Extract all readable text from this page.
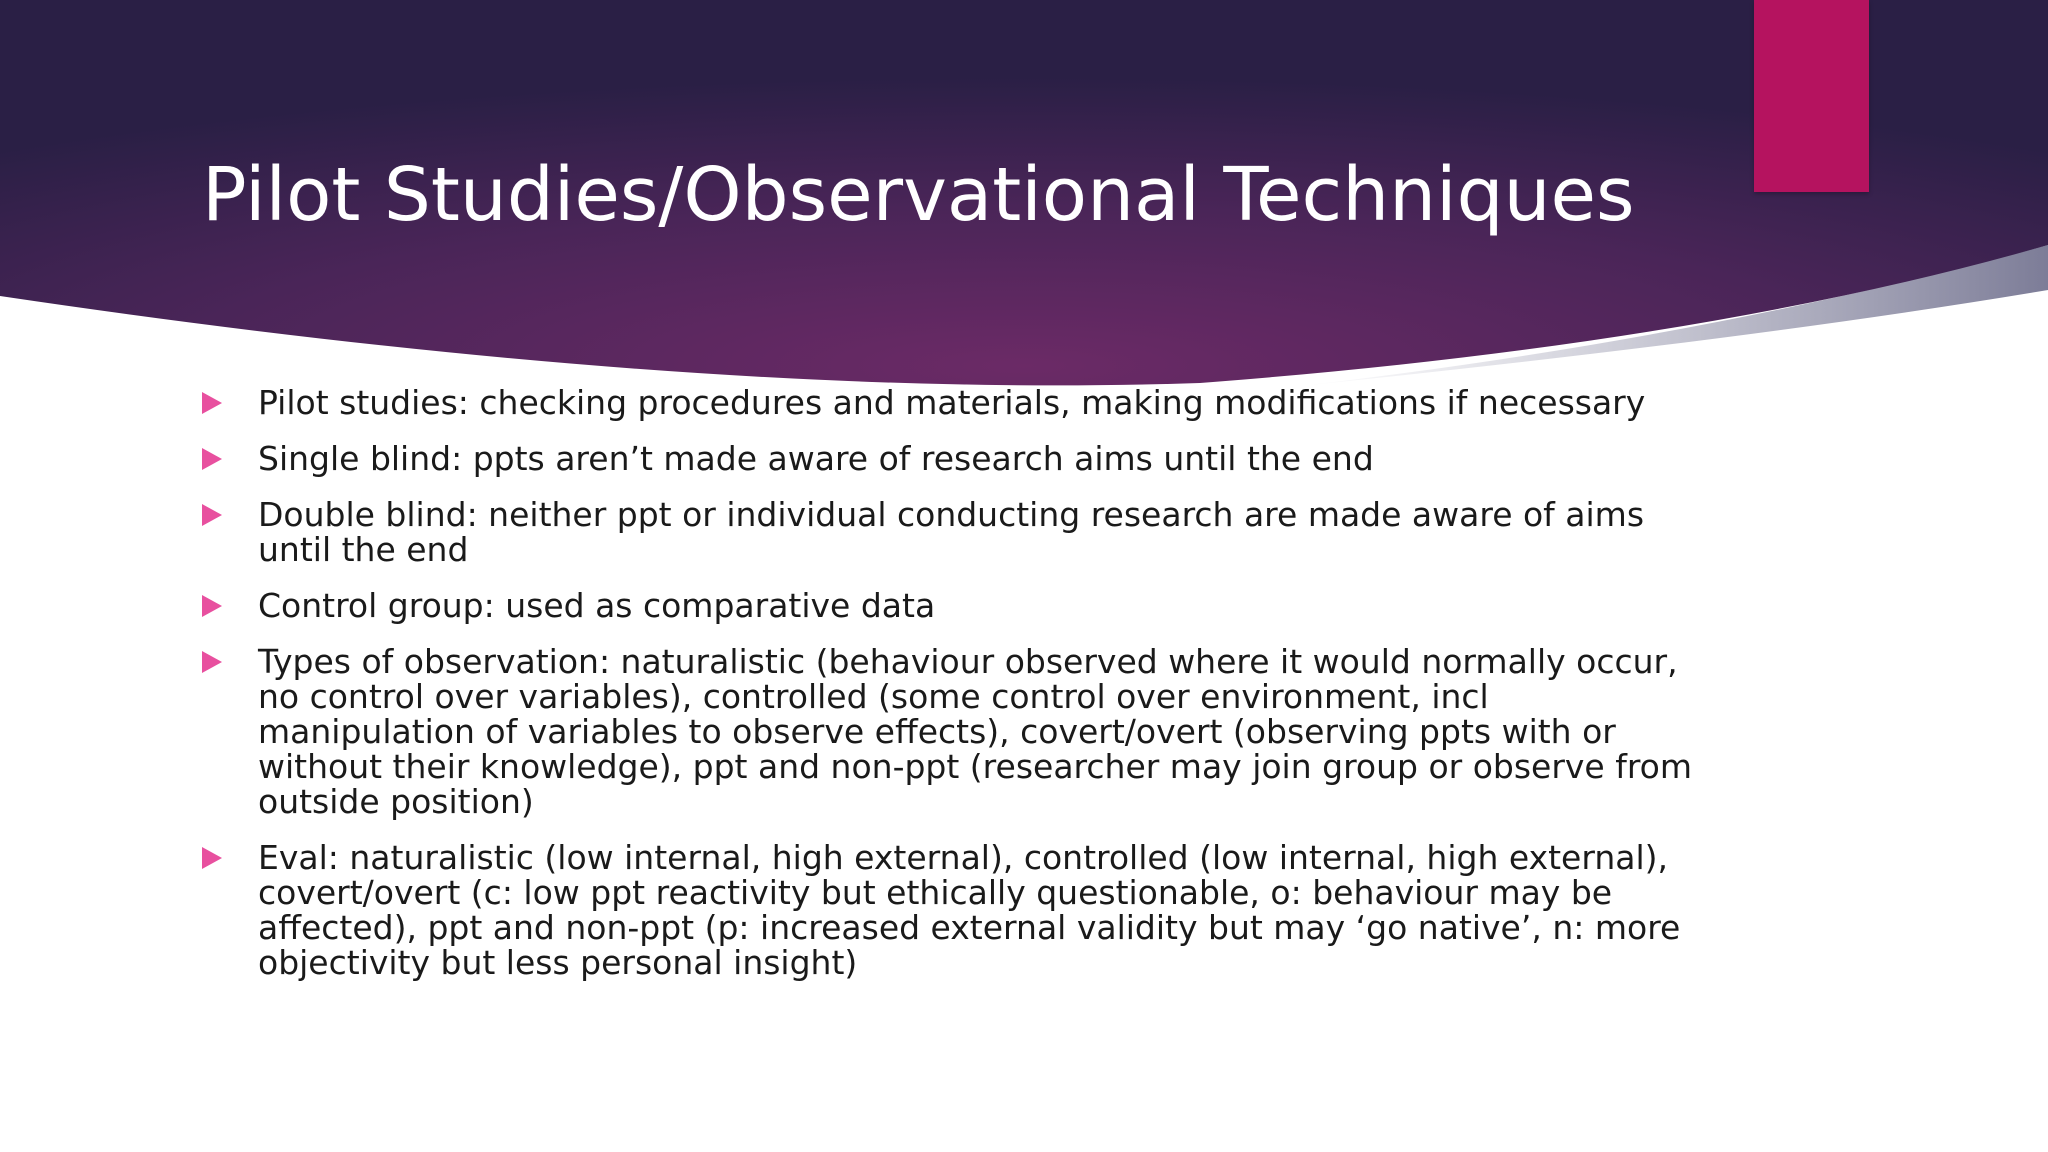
Pilot Studies/Observational Techniques
Pilot studies: checking procedures and materials, making modifications if necessary
Single blind: ppts aren’t made aware of research aims until the end
Double blind: neither ppt or individual conducting research are made aware of aims until the end
Control group: used as comparative data
Types of observation: naturalistic (behaviour observed where it would normally occur, no control over variables), controlled (some control over environment, incl manipulation of variables to observe effects), covert/overt (observing ppts with or without their knowledge), ppt and non-ppt (researcher may join group or observe from outside position)
Eval: naturalistic (low internal, high external), controlled (low internal, high external), covert/overt (c: low ppt reactivity but ethically questionable, o: behaviour may be affected), ppt and non-ppt (p: increased external validity but may ‘go native’, n: more objectivity but less personal insight)
